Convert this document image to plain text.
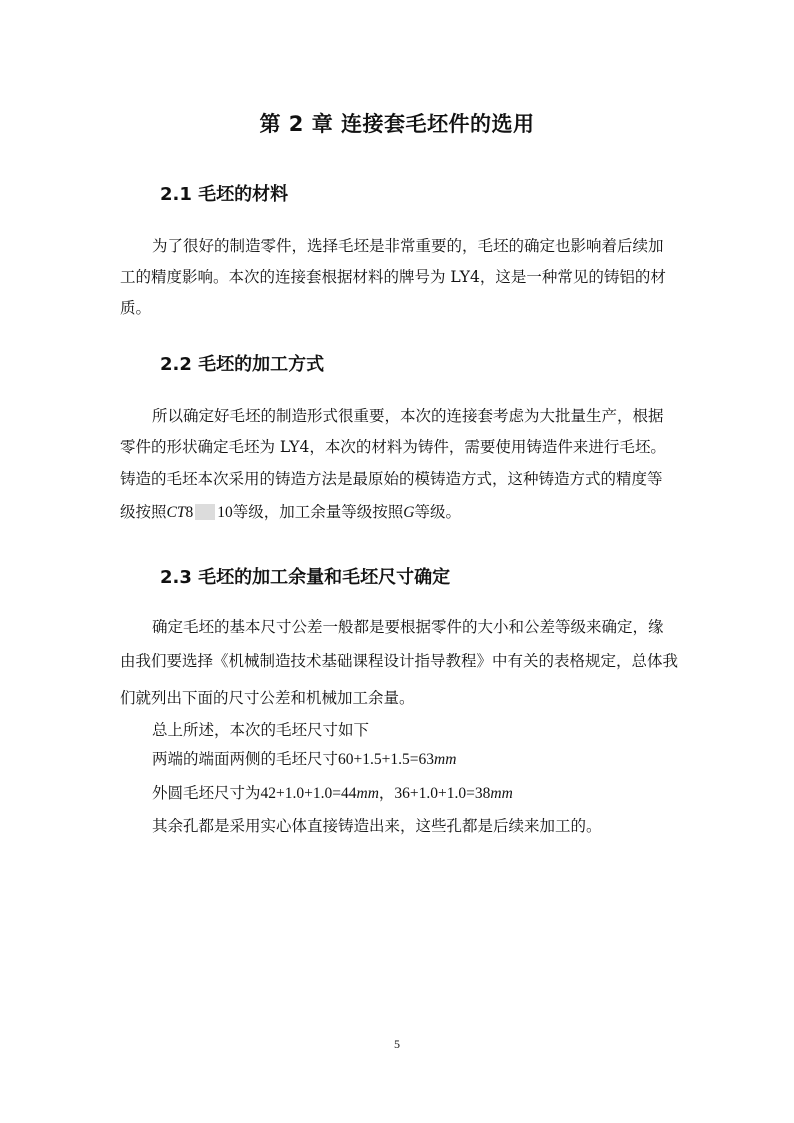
第 2 章 连接套毛坯件的选用
2.1 毛坯的材料
为了很好的制造零件，选择毛坯是非常重要的，毛坯的确定也影响着后续加
工的精度影响。本次的连接套根据材料的牌号为 LY4，这是一种常见的铸铝的材
质。
2.2 毛坯的加工方式
所以确定好毛坯的制造形式很重要，本次的连接套考虑为大批量生产，根据
零件的形状确定毛坯为 LY4，本次的材料为铸件，需要使用铸造件来进行毛坯。
铸造的毛坯本次采用的铸造方法是最原始的模铸造方式，这种铸造方式的精度等
级按照CT8 10等级，加工余量等级按照G等级。
2.3 毛坯的加工余量和毛坯尺寸确定
确定毛坯的基本尺寸公差一般都是要根据零件的大小和公差等级来确定，缘
由我们要选择《机械制造技术基础课程设计指导教程》中有关的表格规定，总体我
们就列出下面的尺寸公差和机械加工余量。
总上所述，本次的毛坯尺寸如下
两端的端面两侧的毛坯尺寸60+1.5+1.5=63mm
外圆毛坯尺寸为42+1.0+1.0=44mm，36+1.0+1.0=38mm
其余孔都是采用实心体直接铸造出来，这些孔都是后续来加工的。
5
